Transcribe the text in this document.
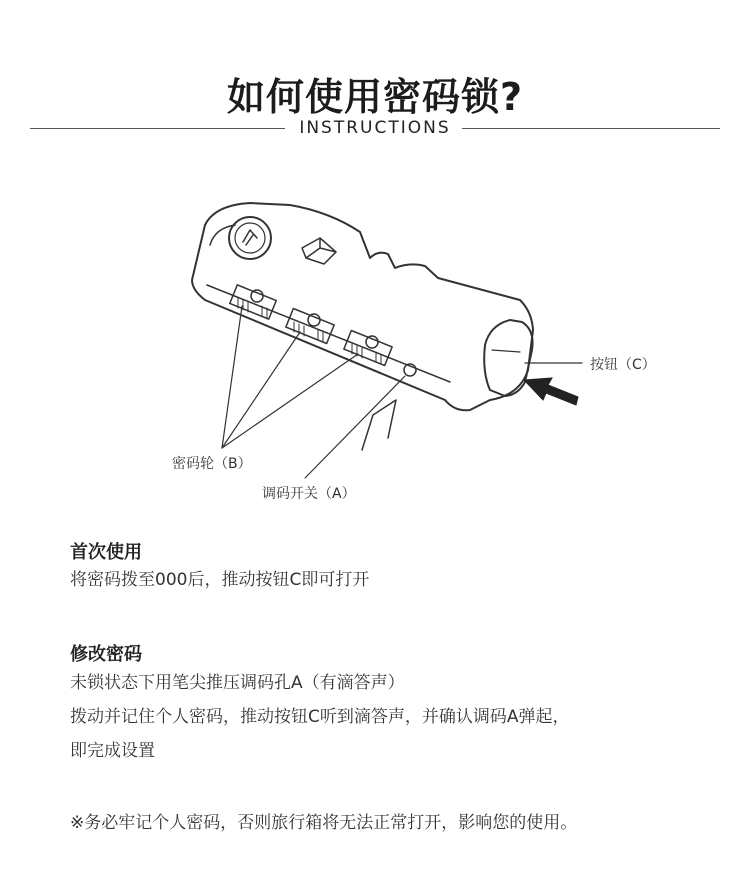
如何使用密码锁?
INSTRUCTIONS
按钮（C）
密码轮（B）
调码开关（A）
首次使用
将密码拨至000后，推动按钮C即可打开
修改密码
未锁状态下用笔尖推压调码孔A（有滴答声）
拨动并记住个人密码，推动按钮C听到滴答声，并确认调码A弹起，
即完成设置
※务必牢记个人密码，否则旅行箱将无法正常打开，影响您的使用。
